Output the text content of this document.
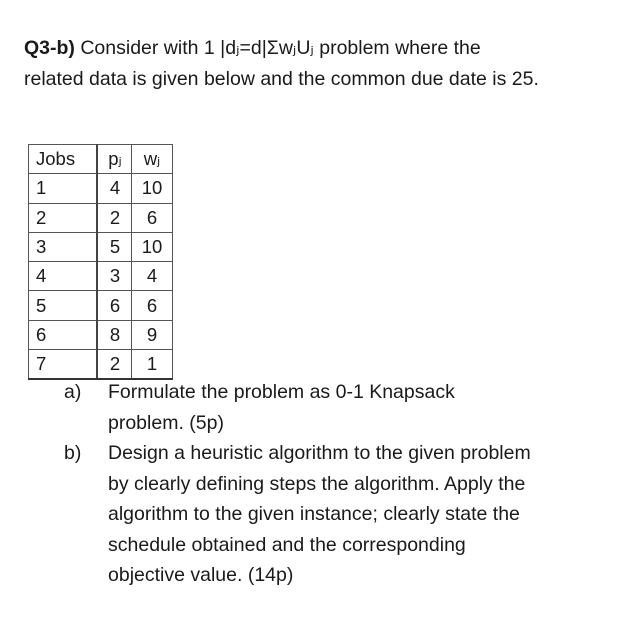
Q3-b) Consider with 1 |dⱼ=d|ΣwⱼUⱼ problem where the related data is given below and the common due date is 25.
Jobs	pⱼ	wⱼ
1	4	10
2	2	6
3	5	10
4	3	4
5	6	6
6	8	9
7	2	1
a) Formulate the problem as 0-1 Knapsack problem. (5p)
b) Design a heuristic algorithm to the given problem by clearly defining steps the algorithm. Apply the algorithm to the given instance; clearly state the schedule obtained and the corresponding objective value. (14p)
